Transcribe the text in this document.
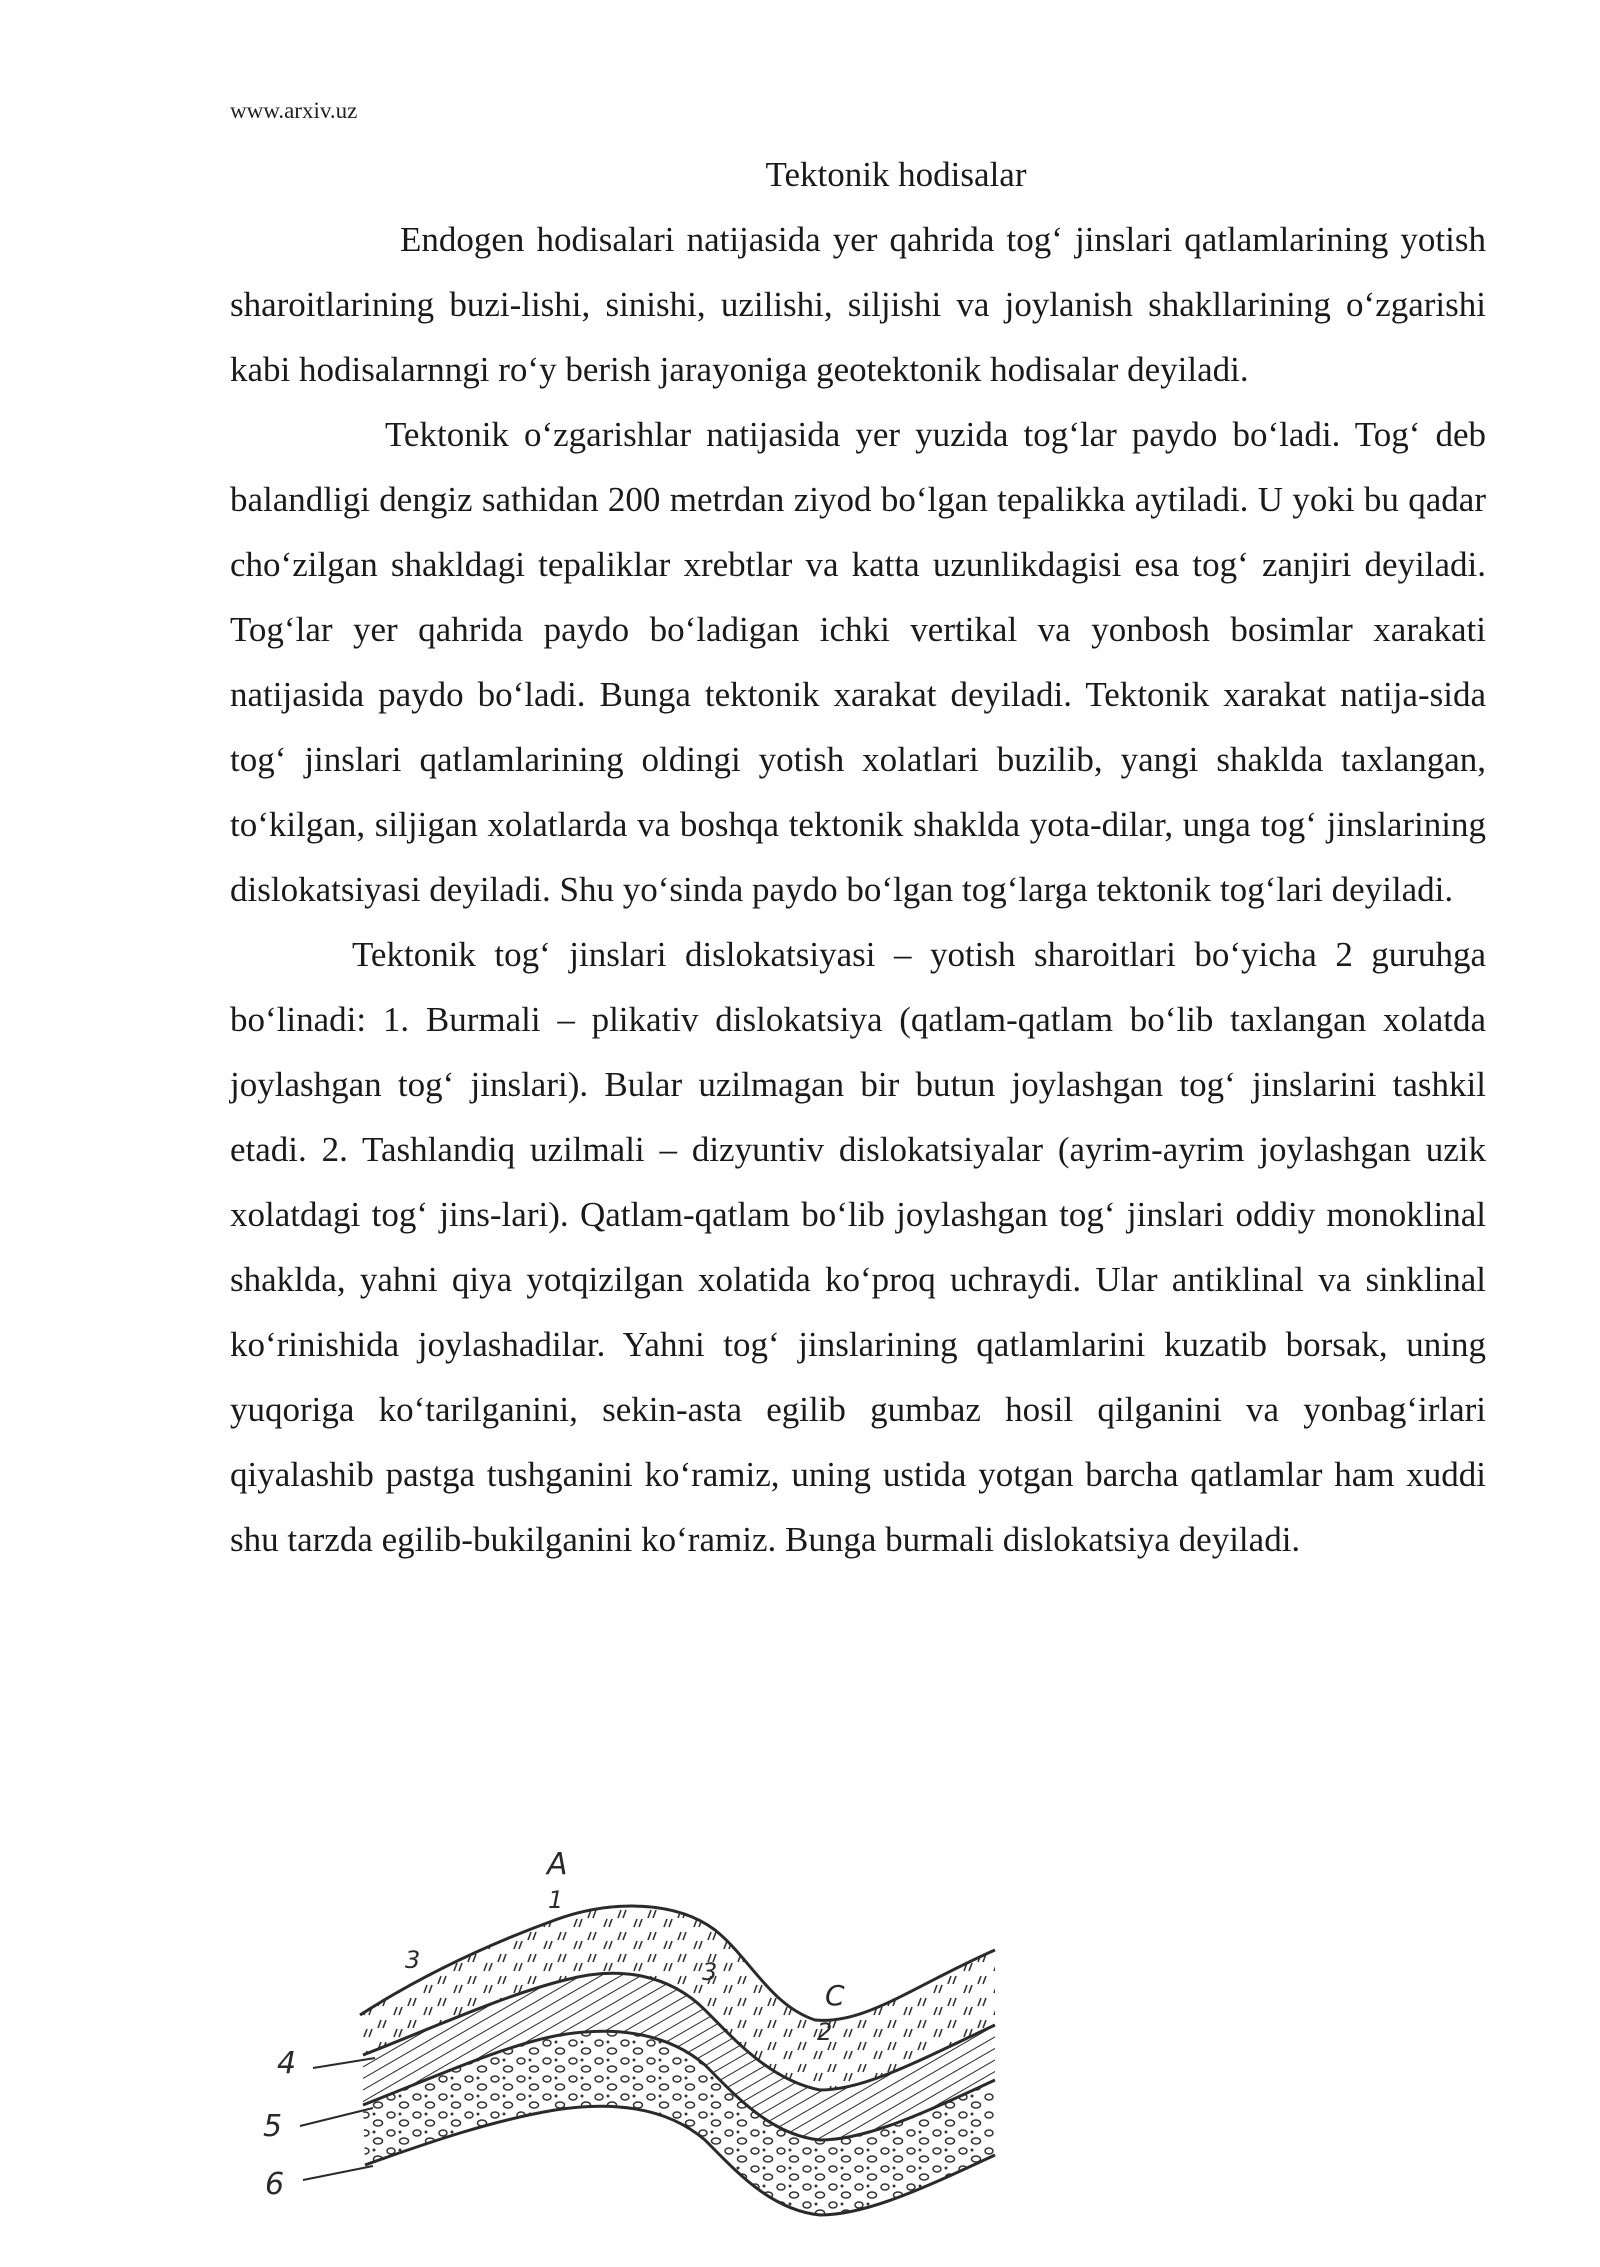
www.arxiv.uz
Tektonik hodisalar

Endogen hodisalari natijasida yer qahrida tog‘ jinslari qatlamlarining yotish sharoitlarining buzi-lishi, sinishi, uzilishi, siljishi va joylanish shakllarining o‘zgarishi kabi hodisalarnngi ro‘y berish jarayoniga geotektonik hodisalar deyiladi.

Tektonik o‘zgarishlar natijasida yer yuzida tog‘lar paydo bo‘ladi. Tog‘ deb balandligi dengiz sathidan 200 metrdan ziyod bo‘lgan tepalikka aytiladi. U yoki bu qadar cho‘zilgan shakldagi tepaliklar xrebtlar va katta uzunlikdagisi esa tog‘ zanjiri deyiladi. Tog‘lar yer qahrida paydo bo‘ladigan ichki vertikal va yonbosh bosimlar xarakati natijasida paydo bo‘ladi. Bunga tektonik xarakat deyiladi. Tektonik xarakat natija-sida tog‘ jinslari qatlamlarining oldingi yotish xolatlari buzilib, yangi shaklda taxlangan, to‘kilgan, siljigan xolatlarda va boshqa tektonik shaklda yota-dilar, unga tog‘ jinslarining dislokatsiyasi deyiladi. Shu yo‘sinda paydo bo‘lgan tog‘larga tektonik tog‘lari deyiladi.

Tektonik tog‘ jinslari dislokatsiyasi – yotish sharoitlari bo‘yicha 2 guruhga bo‘linadi: 1. Burmali – plikativ dislokatsiya (qatlam-qatlam bo‘lib taxlangan xolatda joylashgan tog‘ jinslari). Bular uzilmagan bir butun joylashgan tog‘ jinslarini tashkil etadi. 2. Tashlandiq uzilmali – dizyuntiv dislokatsiyalar (ayrim-ayrim joylashgan uzik xolatdagi tog‘ jins-lari). Qatlam-qatlam bo‘lib joylashgan tog‘ jinslari oddiy monoklinal shaklda, yahni qiya yotqizilgan xolatida ko‘proq uchraydi. Ular antiklinal va sinklinal ko‘rinishida joylashadilar. Yahni tog‘ jinslarining qatlamlarini kuzatib borsak, uning yuqoriga ko‘tarilganini, sekin-asta egilib gumbaz hosil qilganini va yonbag‘irlari qiyalashib pastga tushganini ko‘ramiz, uning ustida yotgan barcha qatlamlar ham xuddi shu tarzda egilib-bukilganini ko‘ramiz. Bunga burmali dislokatsiya deyiladi.

A
1
3	3
C
2
4
5
6
